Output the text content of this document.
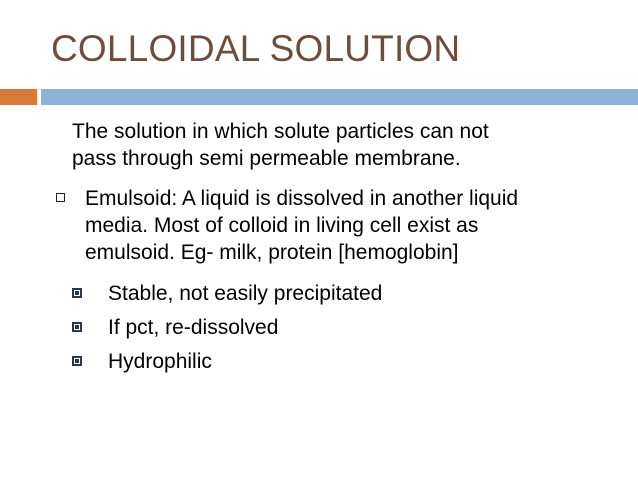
COLLOIDAL SOLUTION
The solution in which solute particles can not
pass through semi permeable membrane.
Emulsoid: A liquid is dissolved in another liquid
media. Most of colloid in living cell exist as
emulsoid. Eg- milk, protein [hemoglobin]
Stable, not easily precipitated
If pct, re-dissolved
Hydrophilic
